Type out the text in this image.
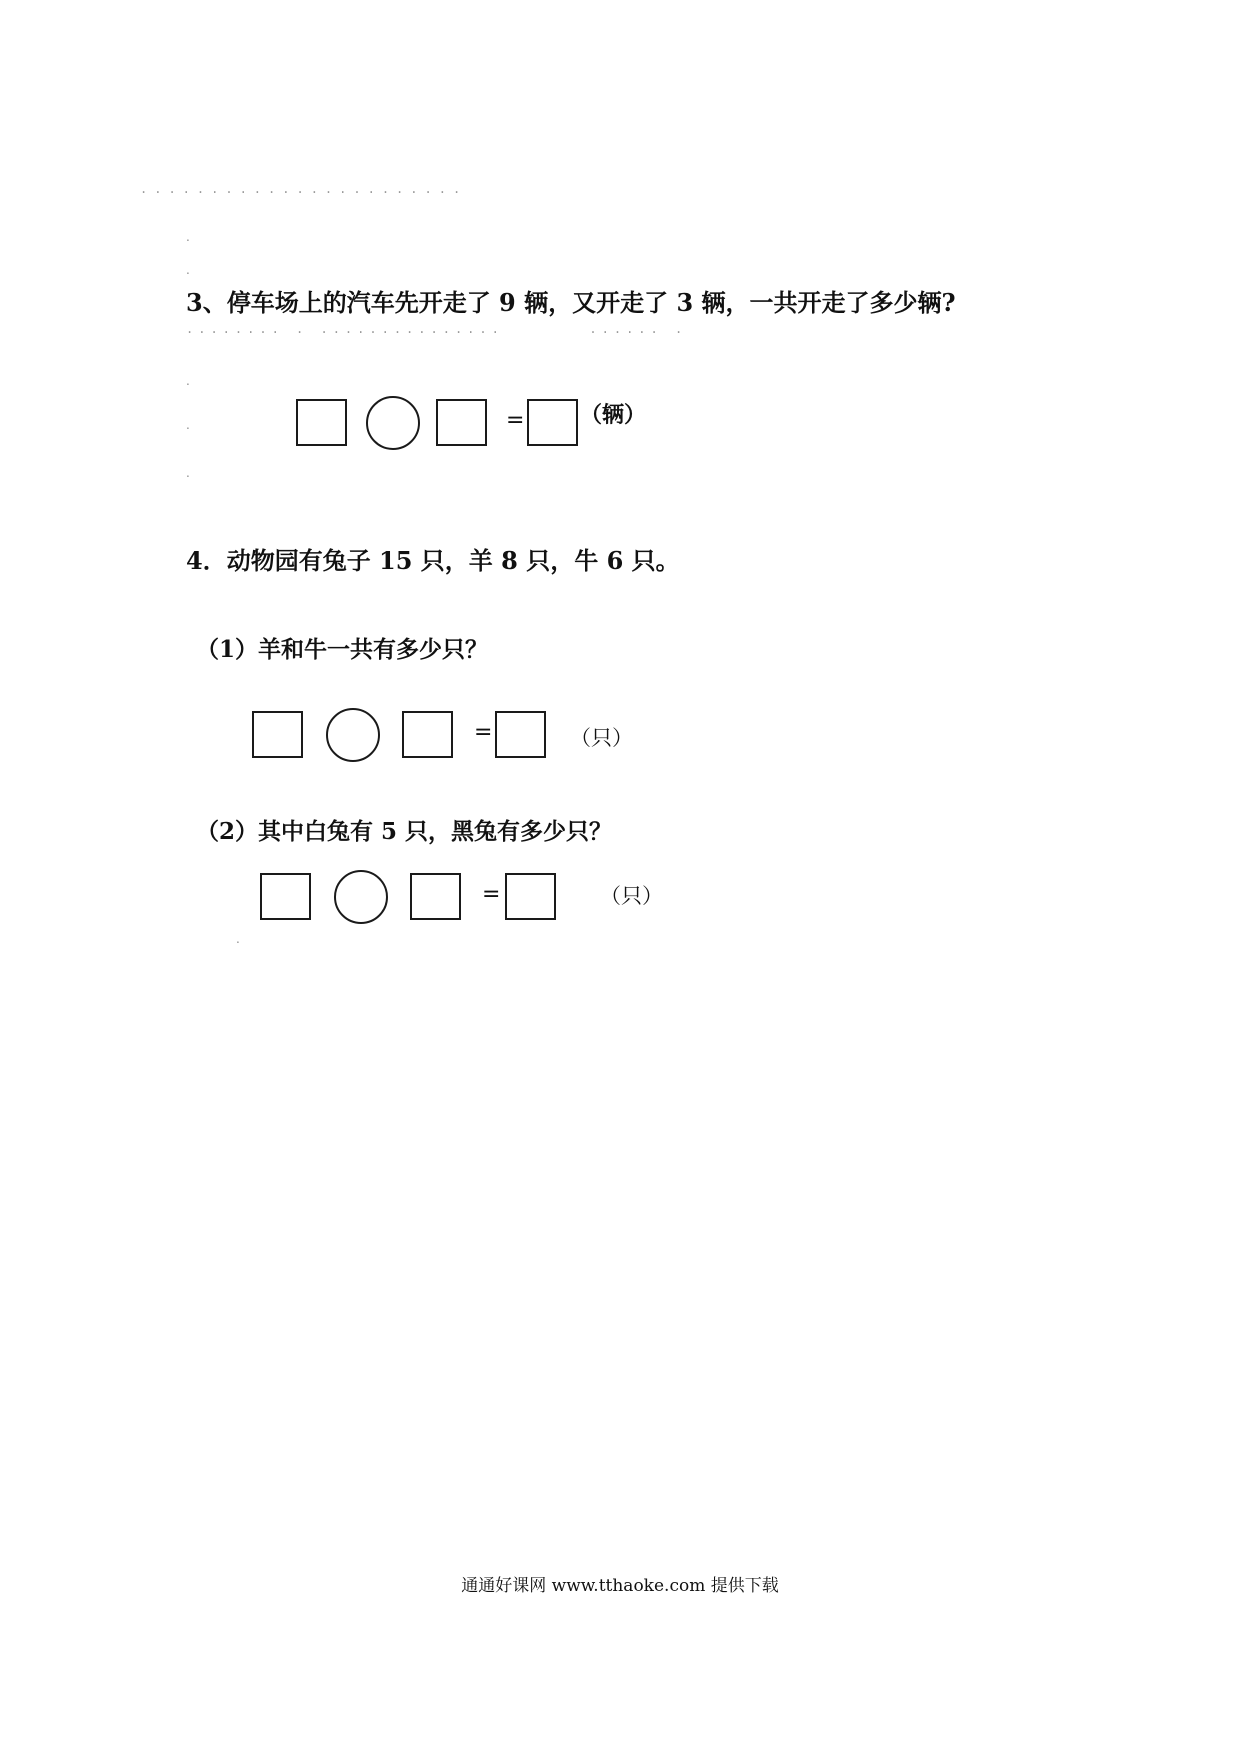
.......................
.
.
........ . ...............       ...... .
.
.
.
.
3、停车场上的汽车先开走了 9 辆，又开走了 3 辆，一共开走了多少辆?
=	（辆）
4．动物园有兔子 15 只，羊 8 只，牛 6 只。
（1）羊和牛一共有多少只？
=	（只）
（2）其中白兔有 5 只，黑兔有多少只？
=	（只）
通通好课网 www.tthaoke.com 提供下载
